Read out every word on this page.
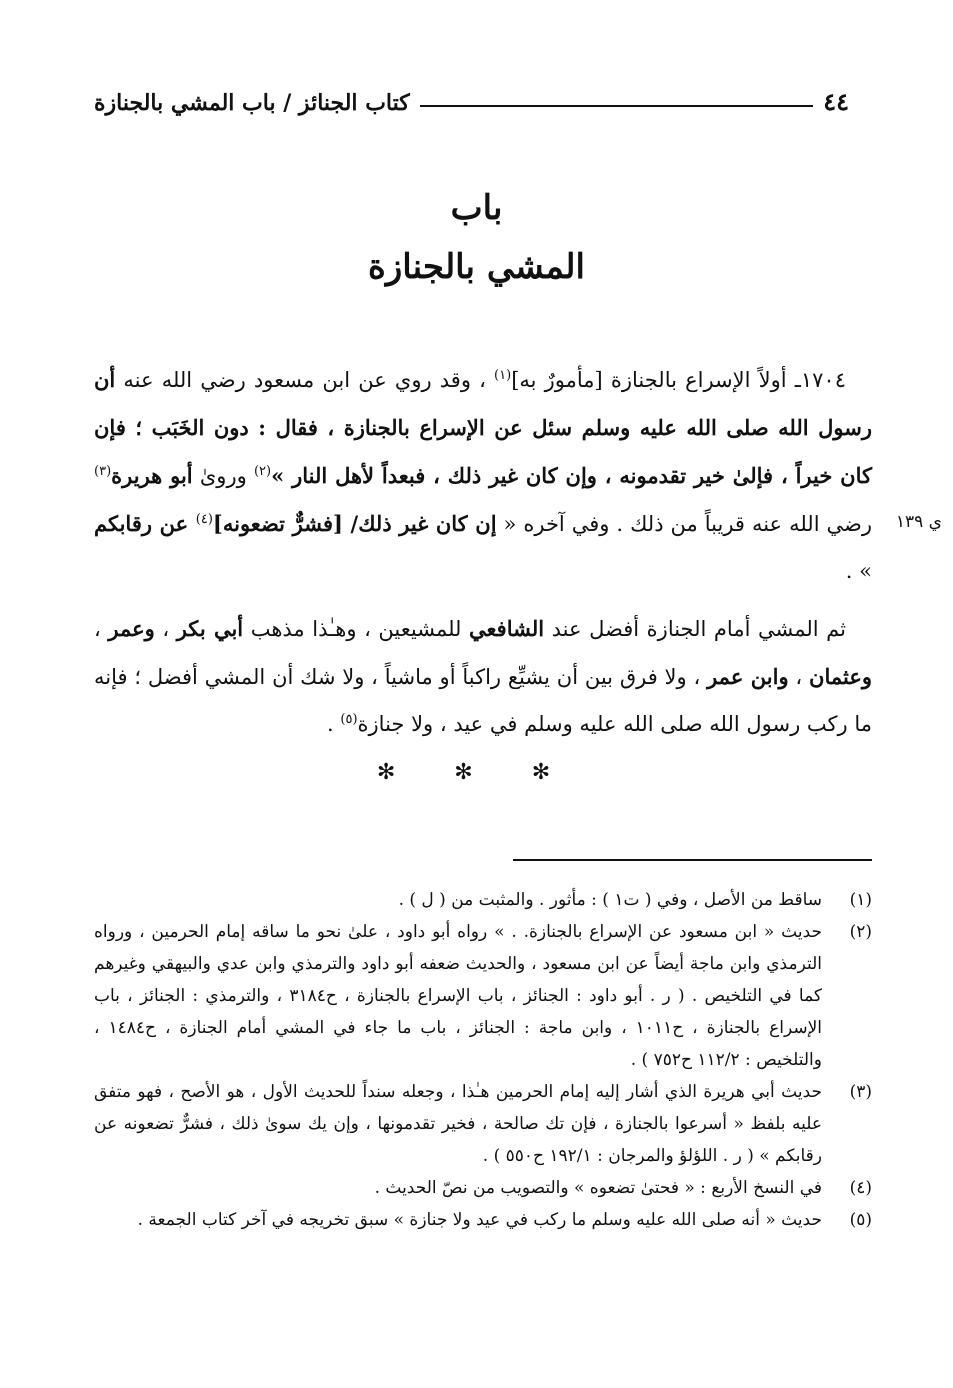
٤٤
كتاب الجنائز / باب المشي بالجنازة
باب
المشي بالجنازة
ي ١٣٩

١٧٠٤ـ أولاً الإسراع بالجنازة [مأمورٌ به]$^{(١)}$ ، وقد روي عن ابن مسعود رضي الله عنه أن رسول الله صلى الله عليه وسلم سئل عن الإسراع بالجنازة ، فقال : دون الخَبَب ؛ فإن كان خيراً ، فإلىٰ خير تقدمونه ، وإن كان غير ذلك ، فبعداً لأهل النار »$^{(٢)}$ ورویٰ أبو هريرة$^{(٣)}$ رضي الله عنه قريباً من ذلك . وفي آخره « إن كان غير ذلك/ [فشرٌّ تضعونه]$^{(٤)}$ عن رقابكم » .

ثم المشي أمام الجنازة أفضل عند الشافعي للمشيعين ، وهـٰذا مذهب أبي بكر ، وعمر ، وعثمان ، وابن عمر ، ولا فرق بين أن يشيِّع راكباً أو ماشياً ، ولا شك أن المشي أفضل ؛ فإنه ما ركب رسول الله صلى الله عليه وسلم في عيد ، ولا جنازة$^{(٥)}$ .

✻ ✻ ✻
(١)
ساقط من الأصل ، وفي ( ت١ ) : مأثور . والمثبت من ( ل ) .
(٢)
حديث « ابن مسعود عن الإسراع بالجنازة. . » رواه أبو داود ، علىٰ نحو ما ساقه إمام الحرمين ، ورواه الترمذي وابن ماجة أيضاً عن ابن مسعود ، والحديث ضعفه أبو داود والترمذي وابن عدي والبيهقي وغيرهم كما في التلخيص . ( ر . أبو داود : الجنائز ، باب الإسراع بالجنازة ، ح٣١٨٤ ، والترمذي : الجنائز ، باب الإسراع بالجنازة ، ح١٠١١ ، وابن ماجة : الجنائز ، باب ما جاء في المشي أمام الجنازة ، ح١٤٨٤ ، والتلخيص : ١١٢/٢ ح٧٥٢ ) .
(٣)
حديث أبي هريرة الذي أشار إليه إمام الحرمين هـٰذا ، وجعله سنداً للحديث الأول ، هو الأصح ، فهو متفق عليه بلفظ « أسرعوا بالجنازة ، فإن تك صالحة ، فخير تقدمونها ، وإن يك سوىٰ ذلك ، فشرٌّ تضعونه عن رقابكم » ( ر . اللؤلؤ والمرجان : ١٩٢/١ ح٥٥٠ ) .
(٤)
في النسخ الأربع : « فحتىٰ تضعوه » والتصويب من نصّ الحديث .
(٥)
حديث « أنه صلى الله عليه وسلم ما ركب في عيد ولا جنازة » سبق تخريجه في آخر كتاب الجمعة .
